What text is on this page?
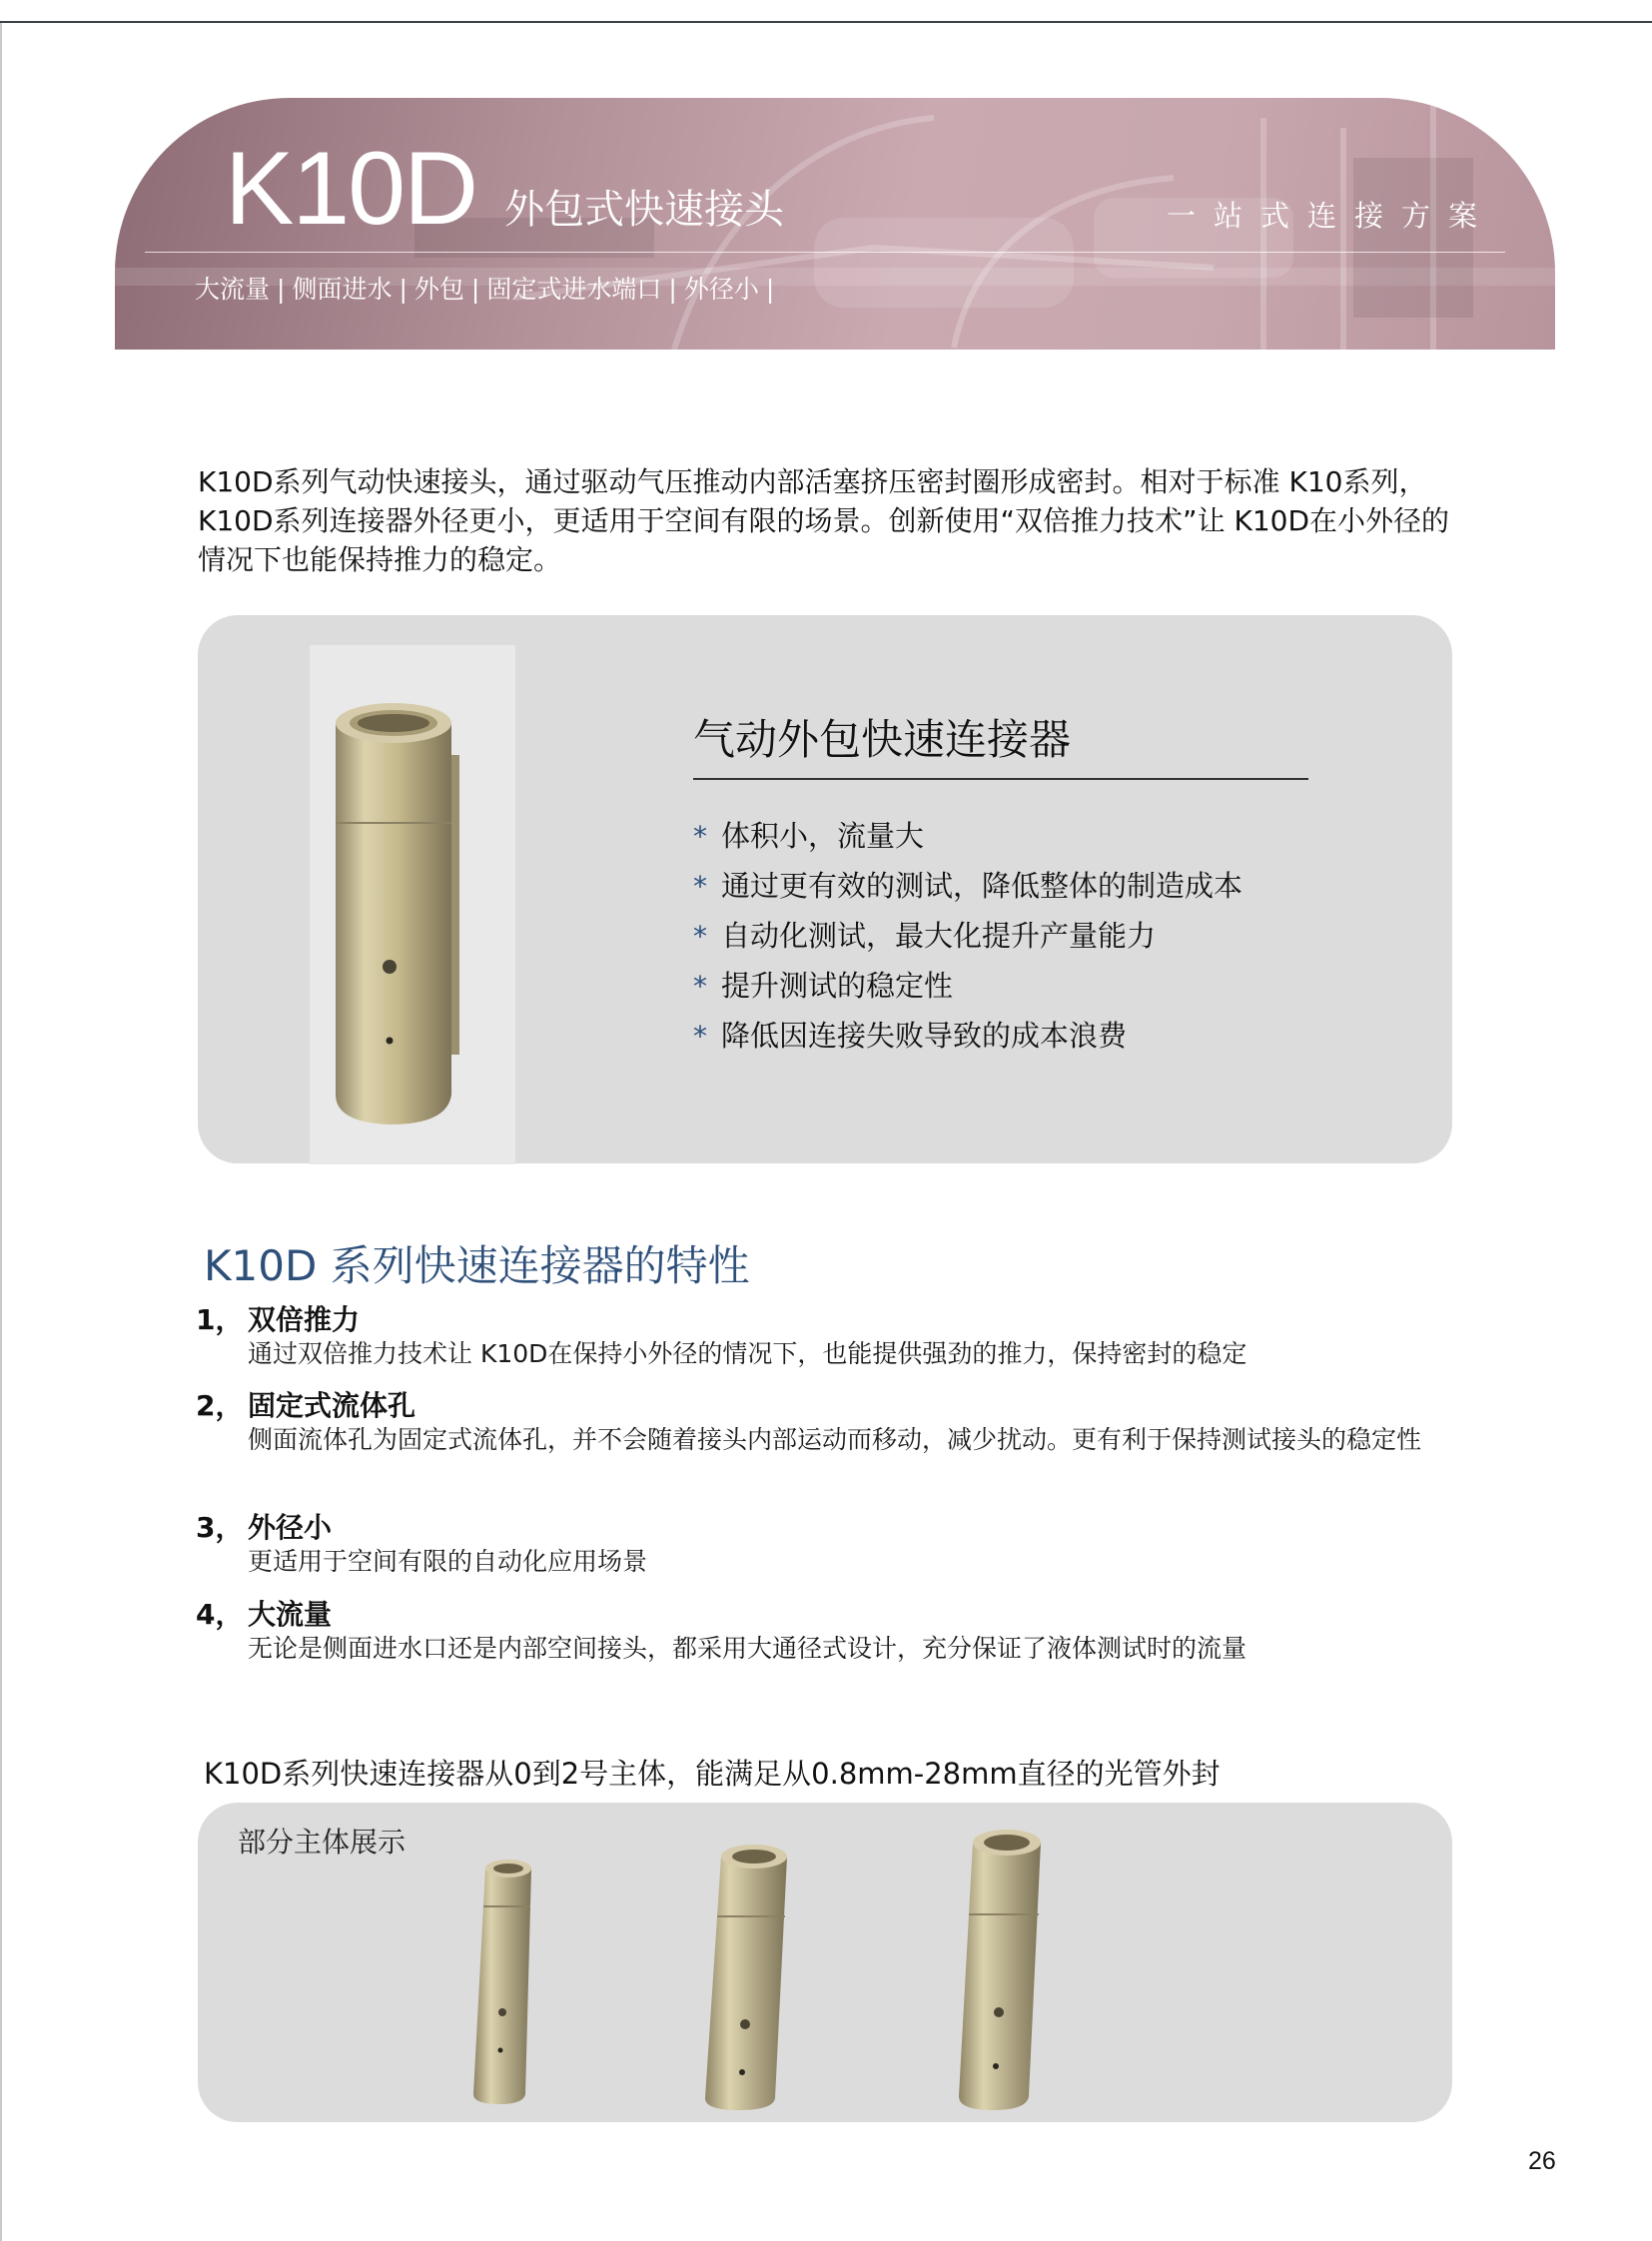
K10D 外包式快速接头	一站式连接方案
大流量 | 侧面进水 | 外包 | 固定式进水端口 | 外径小 |
K10D系列气动快速接头，通过驱动气压推动内部活塞挤压密封圈形成密封。相对于标准 K10系列， K10D系列连接器外径更小，更适用于空间有限的场景。创新使用“双倍推力技术”让 K10D在小外径的情况下也能保持推力的稳定。
气动外包快速连接器
* 体积小，流量大
* 通过更有效的测试，降低整体的制造成本
* 自动化测试，最大化提升产量能力
* 提升测试的稳定性
* 降低因连接失败导致的成本浪费
K10D 系列快速连接器的特性
1， 双倍推力
通过双倍推力技术让 K10D在保持小外径的情况下，也能提供强劲的推力，保持密封的稳定
2， 固定式流体孔
侧面流体孔为固定式流体孔，并不会随着接头内部运动而移动，减少扰动。更有利于保持测试接头的稳定性
3， 外径小
更适用于空间有限的自动化应用场景
4， 大流量
无论是侧面进水口还是内部空间接头，都采用大通径式设计，充分保证了液体测试时的流量
K10D系列快速连接器从0到2号主体，能满足从0.8mm-28mm直径的光管外封
部分主体展示
26
